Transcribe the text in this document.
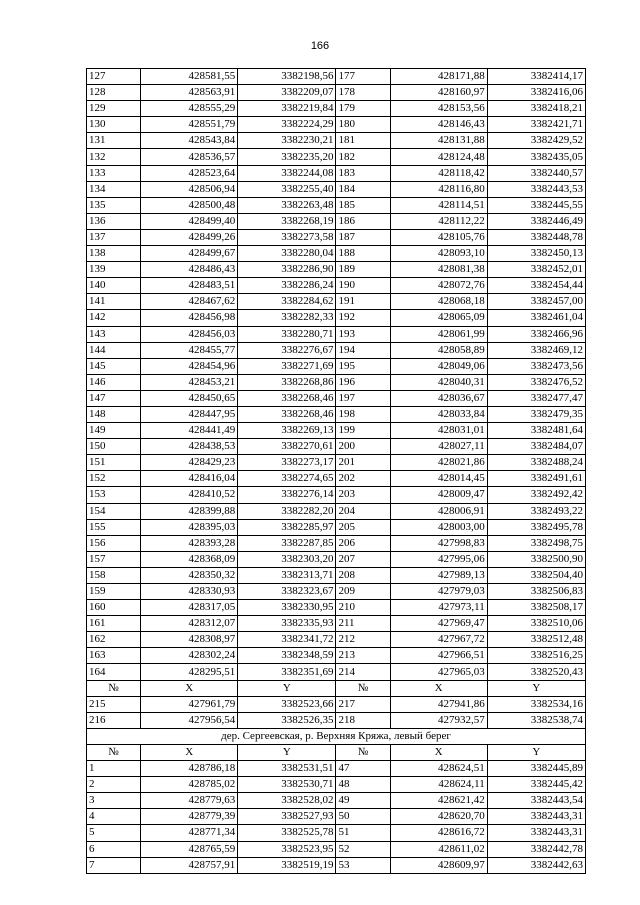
166
127	428581,55	3382198,56	177	428171,88	3382414,17
128	428563,91	3382209,07	178	428160,97	3382416,06
129	428555,29	3382219,84	179	428153,56	3382418,21
130	428551,79	3382224,29	180	428146,43	3382421,71
131	428543,84	3382230,21	181	428131,88	3382429,52
132	428536,57	3382235,20	182	428124,48	3382435,05
133	428523,64	3382244,08	183	428118,42	3382440,57
134	428506,94	3382255,40	184	428116,80	3382443,53
135	428500,48	3382263,48	185	428114,51	3382445,55
136	428499,40	3382268,19	186	428112,22	3382446,49
137	428499,26	3382273,58	187	428105,76	3382448,78
138	428499,67	3382280,04	188	428093,10	3382450,13
139	428486,43	3382286,90	189	428081,38	3382452,01
140	428483,51	3382286,24	190	428072,76	3382454,44
141	428467,62	3382284,62	191	428068,18	3382457,00
142	428456,98	3382282,33	192	428065,09	3382461,04
143	428456,03	3382280,71	193	428061,99	3382466,96
144	428455,77	3382276,67	194	428058,89	3382469,12
145	428454,96	3382271,69	195	428049,06	3382473,56
146	428453,21	3382268,86	196	428040,31	3382476,52
147	428450,65	3382268,46	197	428036,67	3382477,47
148	428447,95	3382268,46	198	428033,84	3382479,35
149	428441,49	3382269,13	199	428031,01	3382481,64
150	428438,53	3382270,61	200	428027,11	3382484,07
151	428429,23	3382273,17	201	428021,86	3382488,24
152	428416,04	3382274,65	202	428014,45	3382491,61
153	428410,52	3382276,14	203	428009,47	3382492,42
154	428399,88	3382282,20	204	428006,91	3382493,22
155	428395,03	3382285,97	205	428003,00	3382495,78
156	428393,28	3382287,85	206	427998,83	3382498,75
157	428368,09	3382303,20	207	427995,06	3382500,90
158	428350,32	3382313,71	208	427989,13	3382504,40
159	428330,93	3382323,67	209	427979,03	3382506,83
160	428317,05	3382330,95	210	427973,11	3382508,17
161	428312,07	3382335,93	211	427969,47	3382510,06
162	428308,97	3382341,72	212	427967,72	3382512,48
163	428302,24	3382348,59	213	427966,51	3382516,25
164	428295,51	3382351,69	214	427965,03	3382520,43
№	X	Y	№	X	Y
215	427961,79	3382523,66	217	427941,86	3382534,16
216	427956,54	3382526,35	218	427932,57	3382538,74
дер. Сергеевская, р. Верхняя Кряжа, левый берег					
№	X	Y	№	X	Y
1	428786,18	3382531,51	47	428624,51	3382445,89
2	428785,02	3382530,71	48	428624,11	3382445,42
3	428779,63	3382528,02	49	428621,42	3382443,54
4	428779,39	3382527,93	50	428620,70	3382443,31
5	428771,34	3382525,78	51	428616,72	3382443,31
6	428765,59	3382523,95	52	428611,02	3382442,78
7	428757,91	3382519,19	53	428609,97	3382442,63
